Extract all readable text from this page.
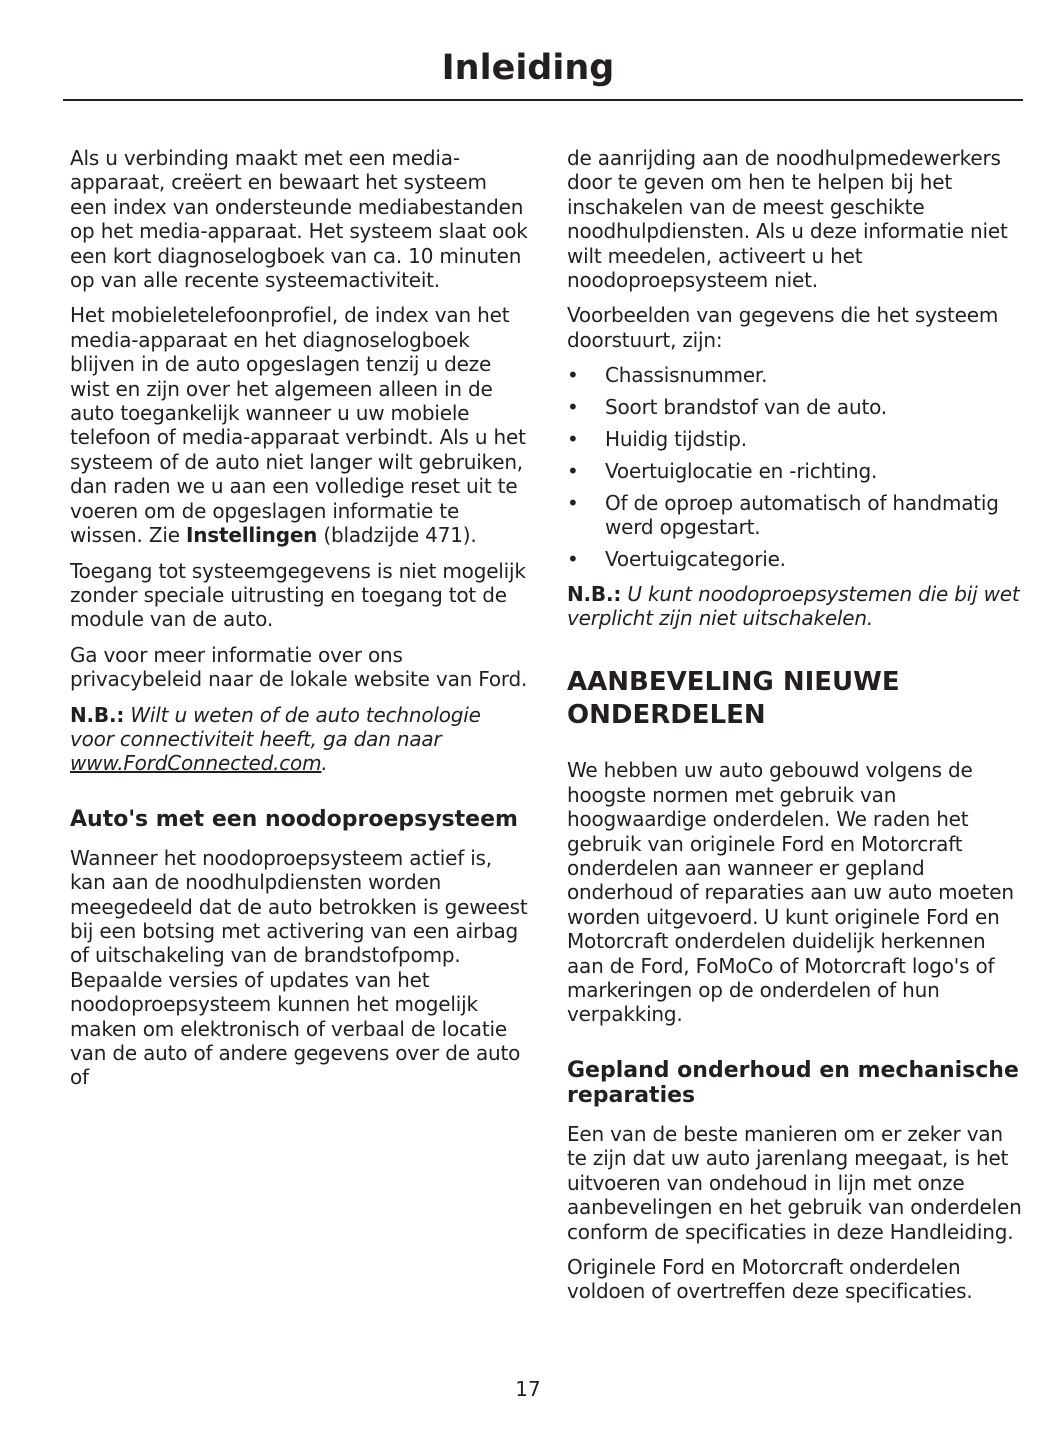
Inleiding

Als u verbinding maakt met een media-apparaat, creëert en bewaart het systeem een index van ondersteunde mediabestanden op het media-apparaat. Het systeem slaat ook een kort diagnoselogboek van ca. 10 minuten op van alle recente systeemactiviteit.

Het mobieletelefoonprofiel, de index van het media-apparaat en het diagnoselogboek blijven in de auto opgeslagen tenzij u deze wist en zijn over het algemeen alleen in de auto toegankelijk wanneer u uw mobiele telefoon of media-apparaat verbindt. Als u het systeem of de auto niet langer wilt gebruiken, dan raden we u aan een volledige reset uit te voeren om de opgeslagen informatie te wissen. Zie Instellingen (bladzijde 471).

Toegang tot systeemgegevens is niet mogelijk zonder speciale uitrusting en toegang tot de module van de auto.

Ga voor meer informatie over ons privacybeleid naar de lokale website van Ford.

N.B.: Wilt u weten of de auto technologie voor connectiviteit heeft, ga dan naar www.FordConnected.com.

Auto's met een noodoproepsysteem

Wanneer het noodoproepsysteem actief is, kan aan de noodhulpdiensten worden meegedeeld dat de auto betrokken is geweest bij een botsing met activering van een airbag of uitschakeling van de brandstofpomp. Bepaalde versies of updates van het noodoproepsysteem kunnen het mogelijk maken om elektronisch of verbaal de locatie van de auto of andere gegevens over de auto of

de aanrijding aan de noodhulpmedewerkers door te geven om hen te helpen bij het inschakelen van de meest geschikte noodhulpdiensten. Als u deze informatie niet wilt meedelen, activeert u het noodoproepsysteem niet.

Voorbeelden van gegevens die het systeem doorstuurt, zijn:

• Chassisnummer.
• Soort brandstof van de auto.
• Huidig tijdstip.
• Voertuiglocatie en -richting.
• Of de oproep automatisch of handmatig werd opgestart.
• Voertuigcategorie.

N.B.: U kunt noodoproepsystemen die bij wet verplicht zijn niet uitschakelen.

AANBEVELING NIEUWE ONDERDELEN

We hebben uw auto gebouwd volgens de hoogste normen met gebruik van hoogwaardige onderdelen. We raden het gebruik van originele Ford en Motorcraft onderdelen aan wanneer er gepland onderhoud of reparaties aan uw auto moeten worden uitgevoerd. U kunt originele Ford en Motorcraft onderdelen duidelijk herkennen aan de Ford, FoMoCo of Motorcraft logo's of markeringen op de onderdelen of hun verpakking.

Gepland onderhoud en mechanische reparaties

Een van de beste manieren om er zeker van te zijn dat uw auto jarenlang meegaat, is het uitvoeren van ondehoud in lijn met onze aanbevelingen en het gebruik van onderdelen conform de specificaties in deze Handleiding.

Originele Ford en Motorcraft onderdelen voldoen of overtreffen deze specificaties.

17
